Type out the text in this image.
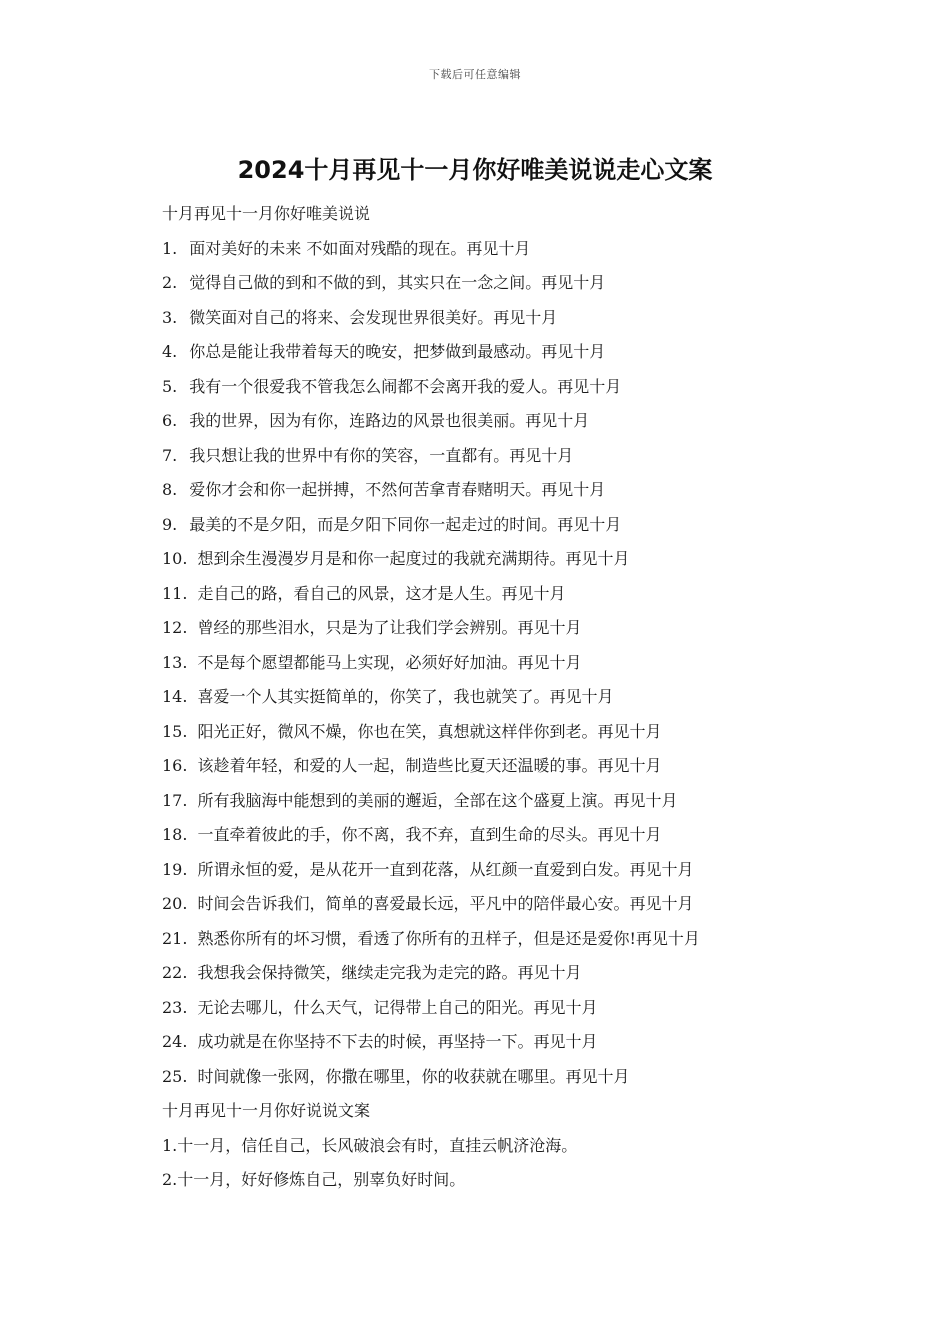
下载后可任意编辑
2024十月再见十一月你好唯美说说走心文案
十月再见十一月你好唯美说说
1. 面对美好的未来 不如面对残酷的现在。再见十月
2. 觉得自己做的到和不做的到，其实只在一念之间。再见十月
3. 微笑面对自己的将来、会发现世界很美好。再见十月
4. 你总是能让我带着每天的晚安，把梦做到最感动。再见十月
5. 我有一个很爱我不管我怎么闹都不会离开我的爱人。再见十月
6. 我的世界，因为有你，连路边的风景也很美丽。再见十月
7. 我只想让我的世界中有你的笑容，一直都有。再见十月
8. 爱你才会和你一起拼搏，不然何苦拿青春赌明天。再见十月
9. 最美的不是夕阳，而是夕阳下同你一起走过的时间。再见十月
10. 想到余生漫漫岁月是和你一起度过的我就充满期待。再见十月
11. 走自己的路，看自己的风景，这才是人生。再见十月
12. 曾经的那些泪水，只是为了让我们学会辨别。再见十月
13. 不是每个愿望都能马上实现，必须好好加油。再见十月
14. 喜爱一个人其实挺简单的，你笑了，我也就笑了。再见十月
15. 阳光正好，微风不燥，你也在笑，真想就这样伴你到老。再见十月
16. 该趁着年轻，和爱的人一起，制造些比夏天还温暖的事。再见十月
17. 所有我脑海中能想到的美丽的邂逅，全部在这个盛夏上演。再见十月
18. 一直牵着彼此的手，你不离，我不弃，直到生命的尽头。再见十月
19. 所谓永恒的爱，是从花开一直到花落，从红颜一直爱到白发。再见十月
20. 时间会告诉我们，简单的喜爱最长远，平凡中的陪伴最心安。再见十月
21. 熟悉你所有的坏习惯，看透了你所有的丑样子，但是还是爱你!再见十月
22. 我想我会保持微笑，继续走完我为走完的路。再见十月
23. 无论去哪儿，什么天气，记得带上自己的阳光。再见十月
24. 成功就是在你坚持不下去的时候，再坚持一下。再见十月
25. 时间就像一张网，你撒在哪里，你的收获就在哪里。再见十月
十月再见十一月你好说说文案
1.十一月，信任自己，长风破浪会有时，直挂云帆济沧海。
2.十一月，好好修炼自己，别辜负好时间。
